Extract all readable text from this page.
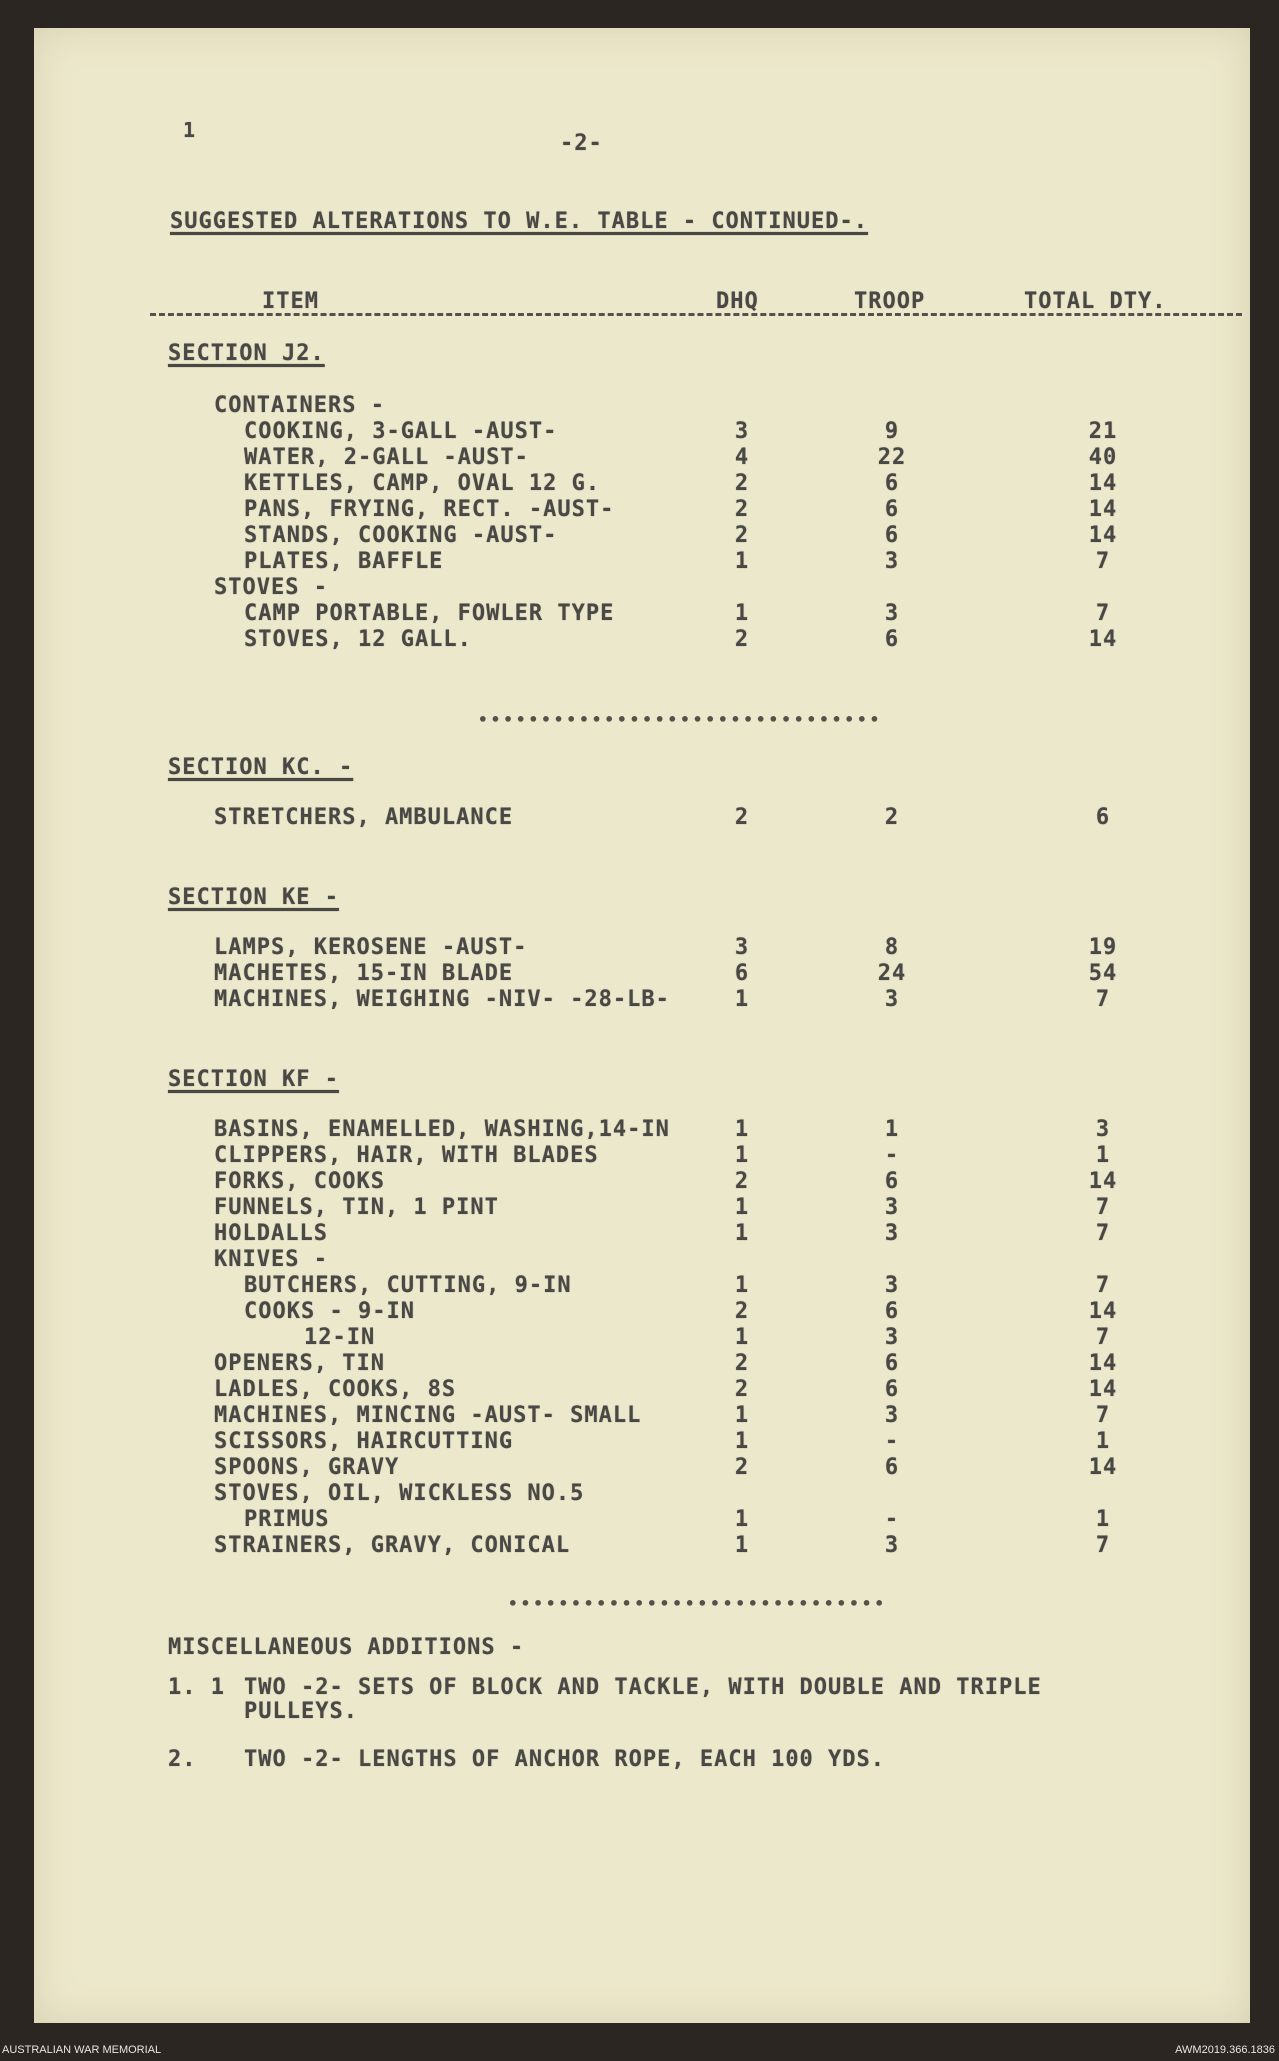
1
-2-
SUGGESTED ALTERATIONS TO W.E. TABLE - CONTINUED-.
ITEM	DHQ	TROOP	TOTAL DTY.
SECTION J2.
CONTAINERS -
COOKING, 3-GALL -AUST-	3	9	21
WATER, 2-GALL -AUST-	4	22	40
KETTLES, CAMP, OVAL 12 G.	2	6	14
PANS, FRYING, RECT. -AUST-	2	6	14
STANDS, COOKING -AUST-	2	6	14
PLATES, BAFFLE	1	3	7
STOVES -
CAMP PORTABLE, FOWLER TYPE	1	3	7
STOVES, 12 GALL.	2	6	14
••••••••••••••••••••••••••••••••
SECTION KC. -
STRETCHERS, AMBULANCE	2	2	6
SECTION KE -
LAMPS, KEROSENE -AUST-	3	8	19
MACHETES, 15-IN BLADE	6	24	54
MACHINES, WEIGHING -NIV- -28-LB-	1	3	7
SECTION KF -
BASINS, ENAMELLED, WASHING,14-IN	1	1	3
CLIPPERS, HAIR, WITH BLADES	1	-	1
FORKS, COOKS	2	6	14
FUNNELS, TIN, 1 PINT	1	3	7
HOLDALLS	1	3	7
KNIVES -
BUTCHERS, CUTTING, 9-IN	1	3	7
COOKS - 9-IN	2	6	14
12-IN	1	3	7
OPENERS, TIN	2	6	14
LADLES, COOKS, 8S	2	6	14
MACHINES, MINCING -AUST- SMALL	1	3	7
SCISSORS, HAIRCUTTING	1	-	1
SPOONS, GRAVY	2	6	14
STOVES, OIL, WICKLESS NO.5
PRIMUS	1	-	1
STRAINERS, GRAVY, CONICAL	1	3	7
••••••••••••••••••••••••••••••
MISCELLANEOUS ADDITIONS -
1. 1 TWO -2- SETS OF BLOCK AND TACKLE, WITH DOUBLE AND TRIPLE
PULLEYS.
2. TWO -2- LENGTHS OF ANCHOR ROPE, EACH 100 YDS.
AUSTRALIAN WAR MEMORIAL	AWM2019.366.1836
